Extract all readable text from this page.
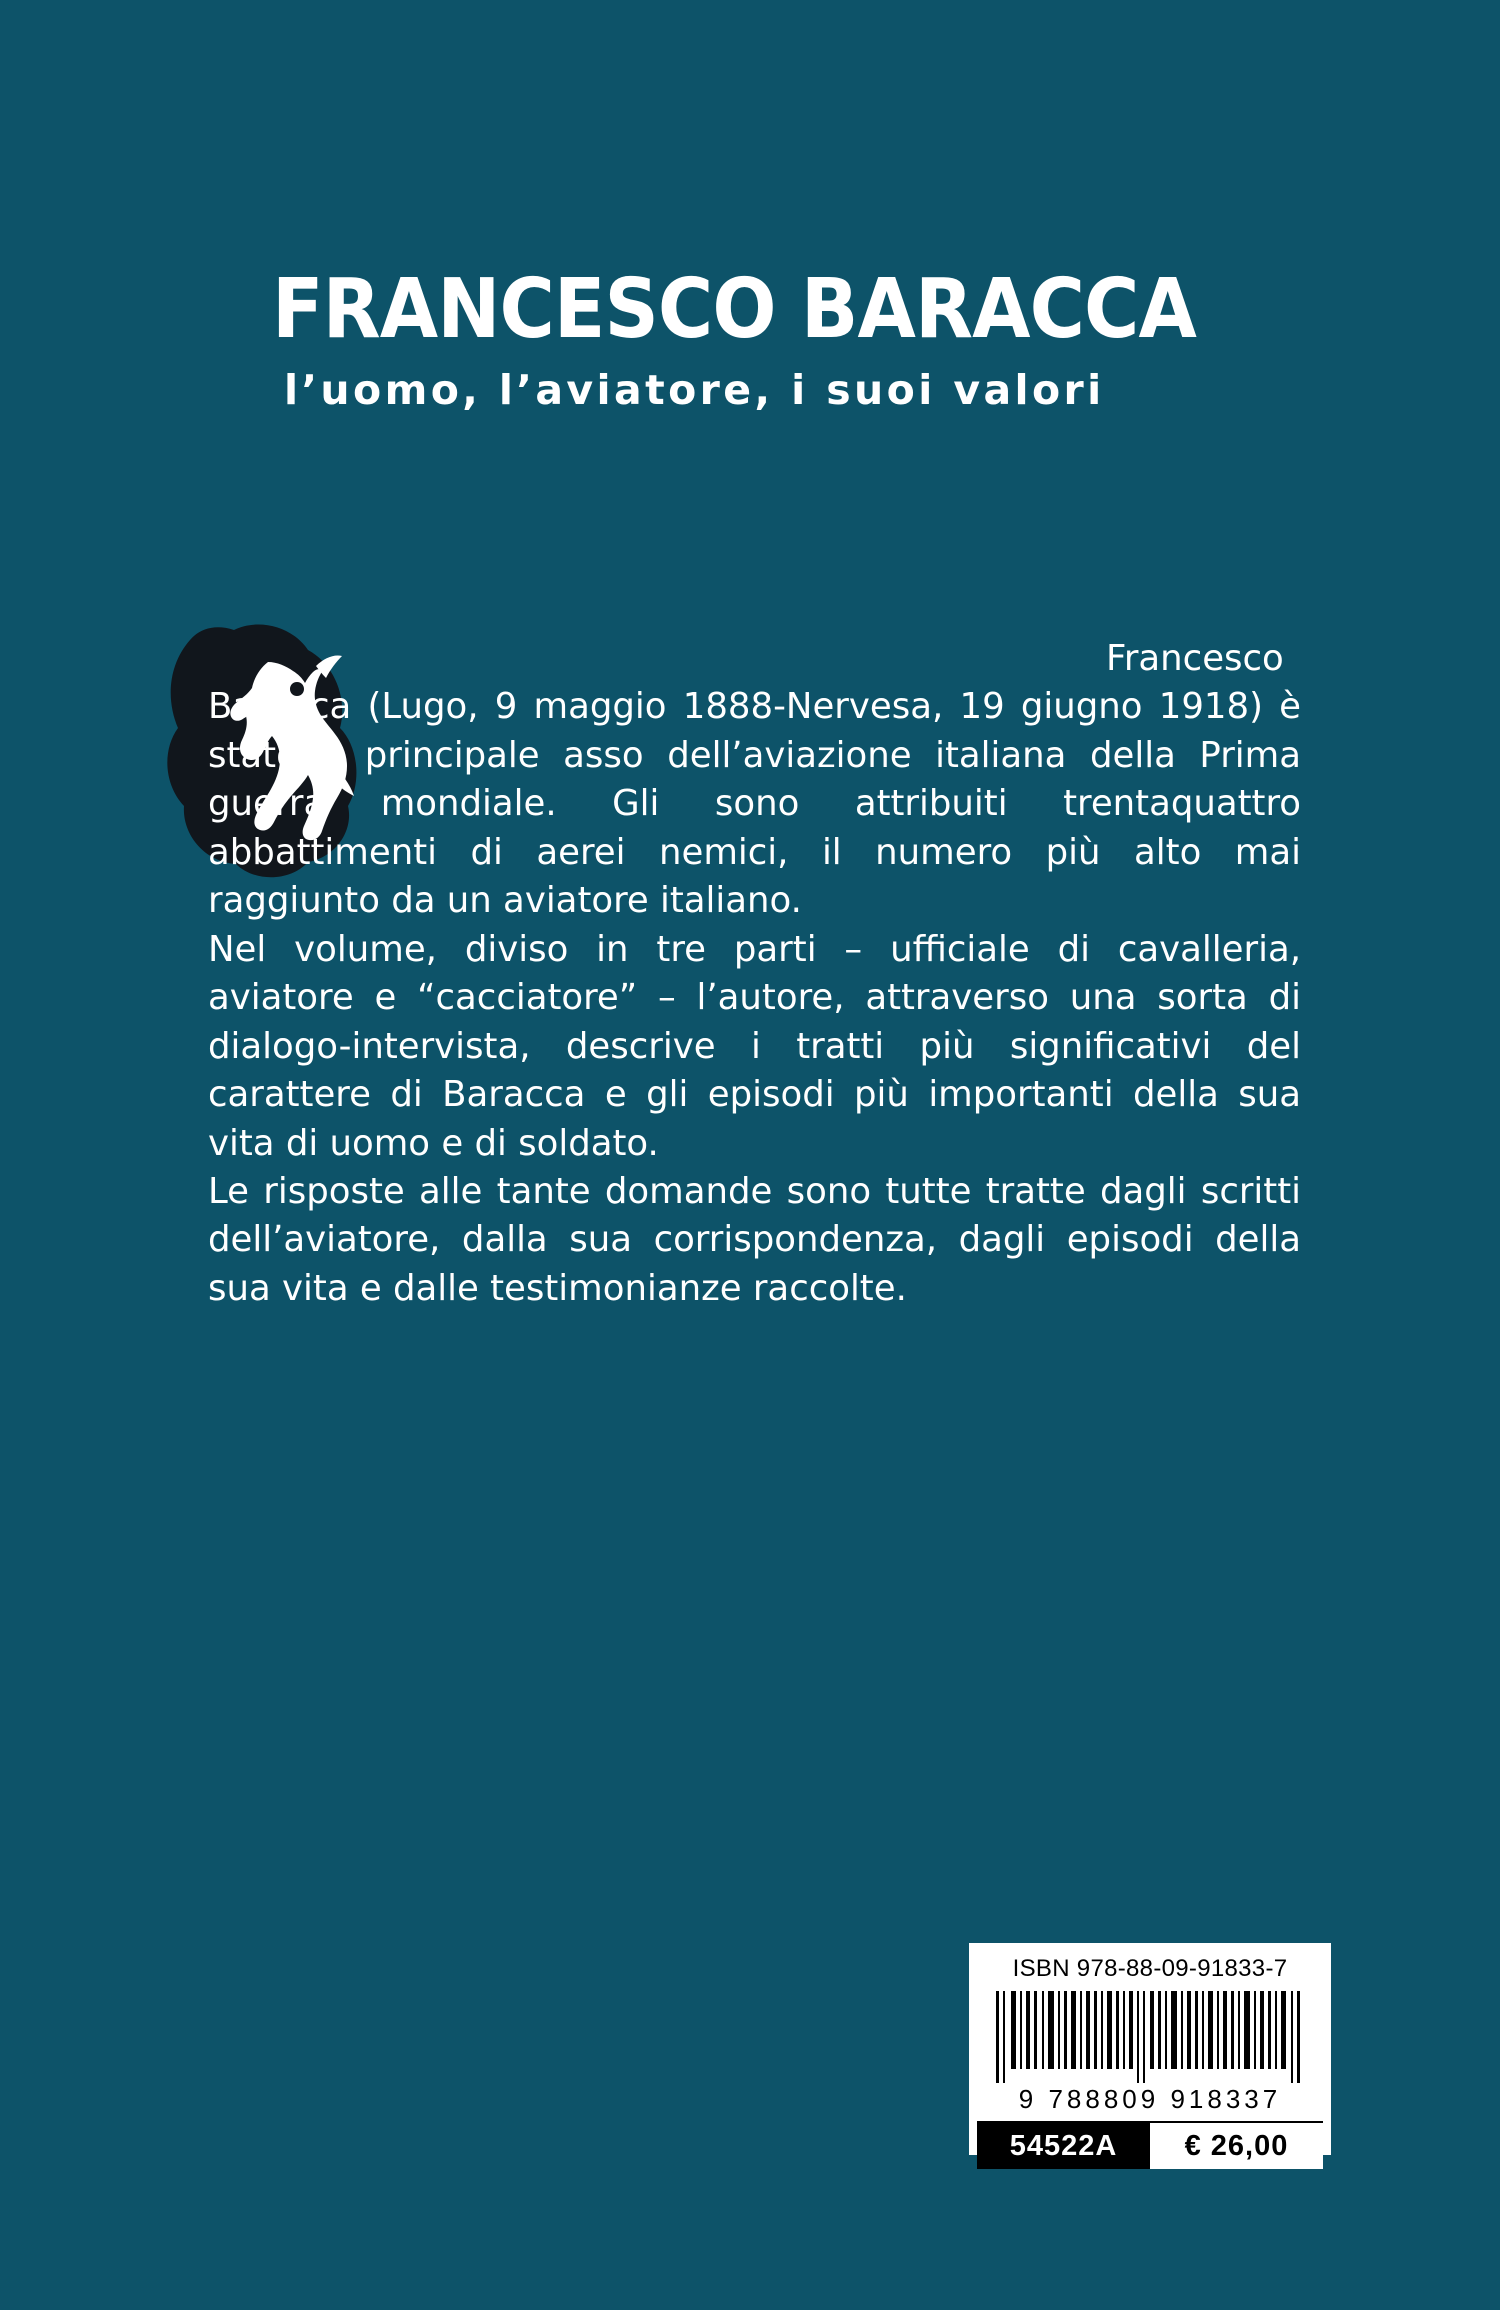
FRANCESCO BARACCA
l’uomo, l’aviatore, i suoi valori

Francesco Baracca (Lugo, 9 maggio 1888-Nervesa, 19 giugno 1918) è stato il principale asso dell’aviazione italiana della Prima guerra mondiale. Gli sono attribuiti trentaquattro abbattimenti di aerei nemici, il numero più alto mai raggiunto da un aviatore italiano.

Nel volume, diviso in tre parti – ufficiale di cavalleria, aviatore e “cacciatore” – l’autore, attraverso una sorta di dialogo-intervista, descrive i tratti più significativi del carattere di Baracca e gli episodi più importanti della sua vita di uomo e di soldato.

Le risposte alle tante domande sono tutte tratte dagli scritti dell’aviatore, dalla sua corrispondenza, dagli episodi della sua vita e dalle testimonianze raccolte.

ISBN 978-88-09-91833-7
9 788809 918337
54522A	€ 26,00
